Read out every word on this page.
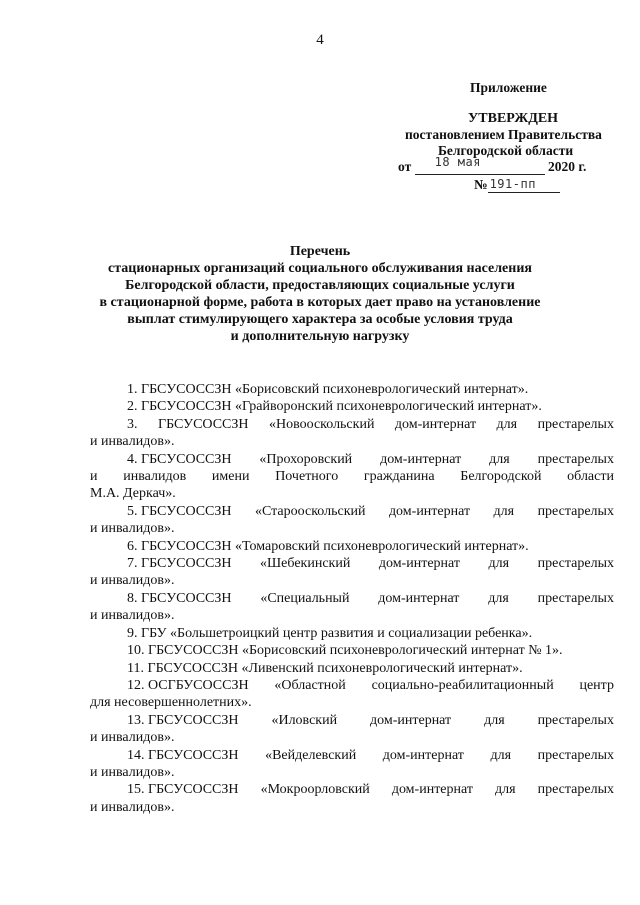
4
Приложение
УТВЕРЖДЕН
постановлением Правительства
Белгородской области
от 18 мая	2020 г.
№ 191-пп
Перечень
стационарных организаций социального обслуживания населения
Белгородской области, предоставляющих социальные услуги
в стационарной форме, работа в которых дает право на установление
выплат стимулирующего характера за особые условия труда
и дополнительную нагрузку
1. ГБСУСОССЗН «Борисовский психоневрологический интернат».
2. ГБСУСОССЗН «Грайворонский психоневрологический интернат».
3. ГБСУСОССЗН «Новооскольский дом-интернат для престарелых
и инвалидов».
4. ГБСУСОССЗН «Прохоровский дом-интернат для престарелых
и инвалидов имени Почетного гражданина Белгородской области
М.А. Деркач».
5. ГБСУСОССЗН «Старооскольский дом-интернат для престарелых
и инвалидов».
6. ГБСУСОССЗН «Томаровский психоневрологический интернат».
7. ГБСУСОССЗН «Шебекинский дом-интернат для престарелых
и инвалидов».
8. ГБСУСОССЗН «Специальный дом-интернат для престарелых
и инвалидов».
9. ГБУ «Большетроицкий центр развития и социализации ребенка».
10. ГБСУСОССЗН «Борисовский психоневрологический интернат № 1».
11. ГБСУСОССЗН «Ливенский психоневрологический интернат».
12. ОСГБУСОССЗН «Областной социально-реабилитационный центр
для несовершеннолетних».
13. ГБСУСОССЗН «Иловский дом-интернат для престарелых
и инвалидов».
14. ГБСУСОССЗН «Вейделевский дом-интернат для престарелых
и инвалидов».
15. ГБСУСОССЗН «Мокроорловский дом-интернат для престарелых
и инвалидов».
